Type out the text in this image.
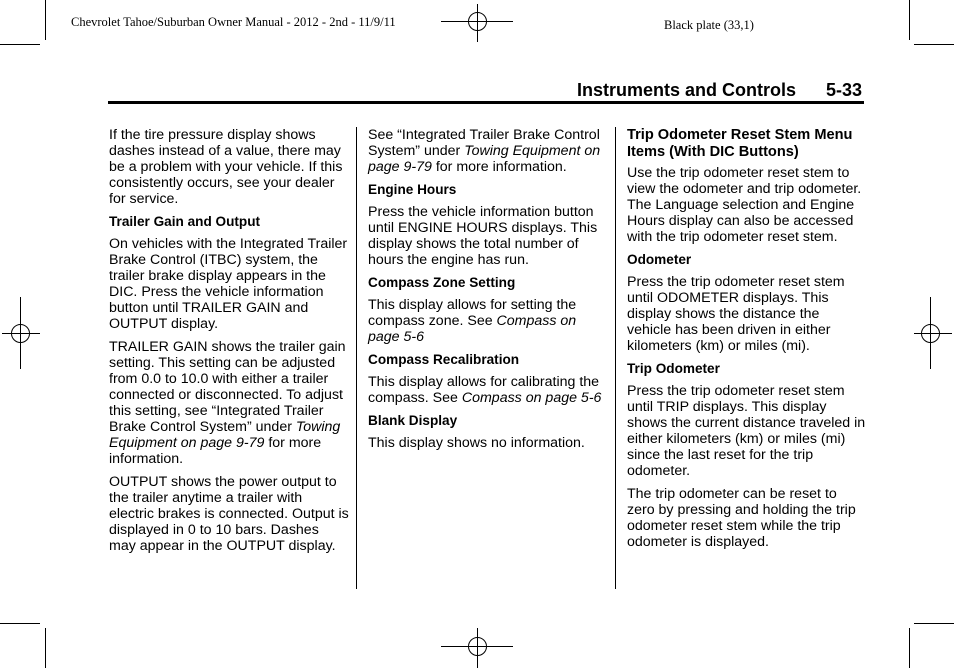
Chevrolet Tahoe/Suburban Owner Manual - 2012 - 2nd - 11/9/11	Black plate (33,1)
Instruments and Controls 5-33

If the tire pressure display shows dashes instead of a value, there may be a problem with your vehicle. If this consistently occurs, see your dealer for service.

Trailer Gain and Output

On vehicles with the Integrated Trailer Brake Control (ITBC) system, the trailer brake display appears in the DIC. Press the vehicle information button until TRAILER GAIN and OUTPUT display.

TRAILER GAIN shows the trailer gain setting. This setting can be adjusted from 0.0 to 10.0 with either a trailer connected or disconnected. To adjust this setting, see “Integrated Trailer Brake Control System” under Towing Equipment on page 9-79 for more information.

OUTPUT shows the power output to the trailer anytime a trailer with electric brakes is connected. Output is displayed in 0 to 10 bars. Dashes may appear in the OUTPUT display.

See “Integrated Trailer Brake Control System” under Towing Equipment on page 9-79 for more information.

Engine Hours

Press the vehicle information button until ENGINE HOURS displays. This display shows the total number of hours the engine has run.

Compass Zone Setting

This display allows for setting the compass zone. See Compass on page 5-6

Compass Recalibration

This display allows for calibrating the compass. See Compass on page 5-6

Blank Display

This display shows no information.

Trip Odometer Reset Stem Menu Items (With DIC Buttons)

Use the trip odometer reset stem to view the odometer and trip odometer. The Language selection and Engine Hours display can also be accessed with the trip odometer reset stem.

Odometer

Press the trip odometer reset stem until ODOMETER displays. This display shows the distance the vehicle has been driven in either kilometers (km) or miles (mi).

Trip Odometer

Press the trip odometer reset stem until TRIP displays. This display shows the current distance traveled in either kilometers (km) or miles (mi) since the last reset for the trip odometer.

The trip odometer can be reset to zero by pressing and holding the trip odometer reset stem while the trip odometer is displayed.
